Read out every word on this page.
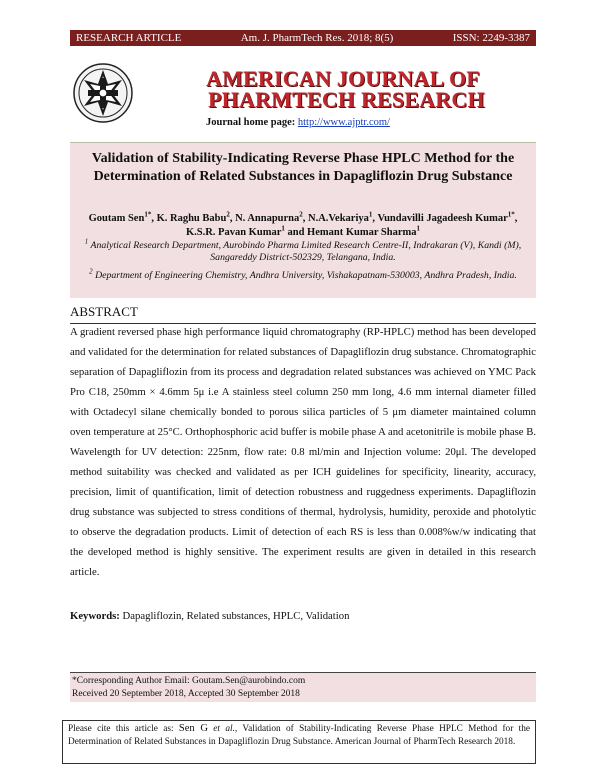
RESEARCH ARTICLE	Am. J. PharmTech Res. 2018; 8(5)	ISSN: 2249-3387
AMERICAN JOURNAL OF
PHARMTECH RESEARCH
Journal home page: http://www.ajptr.com/
Validation of Stability-Indicating Reverse Phase HPLC Method for the Determination of Related Substances in Dapagliflozin Drug Substance
Goutam Sen$^{1*}$, K. Raghu Babu$^2$, N. Annapurna$^2$, N.A.Vekariya$^1$, Vundavilli Jagadeesh Kumar$^{1*}$, K.S.R. Pavan Kumar$^1$ and Hemant Kumar Sharma$^1$
$^1$ Analytical Research Department, Aurobindo Pharma Limited Research Centre-II, Indrakaran (V), Kandi (M), Sangareddy District-502329, Telangana, India.
$^2$ Department of Engineering Chemistry, Andhra University, Vishakapatnam-530003, Andhra Pradesh, India.
ABSTRACT
A gradient reversed phase high performance liquid chromatography (RP-HPLC) method has been developed and validated for the determination for related substances of Dapagliflozin drug substance. Chromatographic separation of Dapagliflozin from its process and degradation related substances was achieved on YMC Pack Pro C18, 250mm × 4.6mm 5μ i.e A stainless steel column 250 mm long, 4.6 mm internal diameter filled with Octadecyl silane chemically bonded to porous silica particles of 5 μm diameter maintained column oven temperature at 25°C. Orthophosphoric acid buffer is mobile phase A and acetonitrile is mobile phase B. Wavelength for UV detection: 225nm, flow rate: 0.8 ml/min and Injection volume: 20μl. The developed method suitability was checked and validated as per ICH guidelines for specificity, linearity, accuracy, precision, limit of quantification, limit of detection robustness and ruggedness experiments. Dapagliflozin drug substance was subjected to stress conditions of thermal, hydrolysis, humidity, peroxide and photolytic to observe the degradation products. Limit of detection of each RS is less than 0.008%w/w indicating that the developed method is highly sensitive. The experiment results are given in detailed in this research article.
Keywords: Dapagliflozin, Related substances, HPLC, Validation
*Corresponding Author Email: Goutam.Sen@aurobindo.com
Received 20 September 2018, Accepted 30 September 2018
Please cite this article as: Sen G et al., Validation of Stability-Indicating Reverse Phase HPLC Method for the Determination of Related Substances in Dapagliflozin Drug Substance. American Journal of PharmTech Research 2018.
